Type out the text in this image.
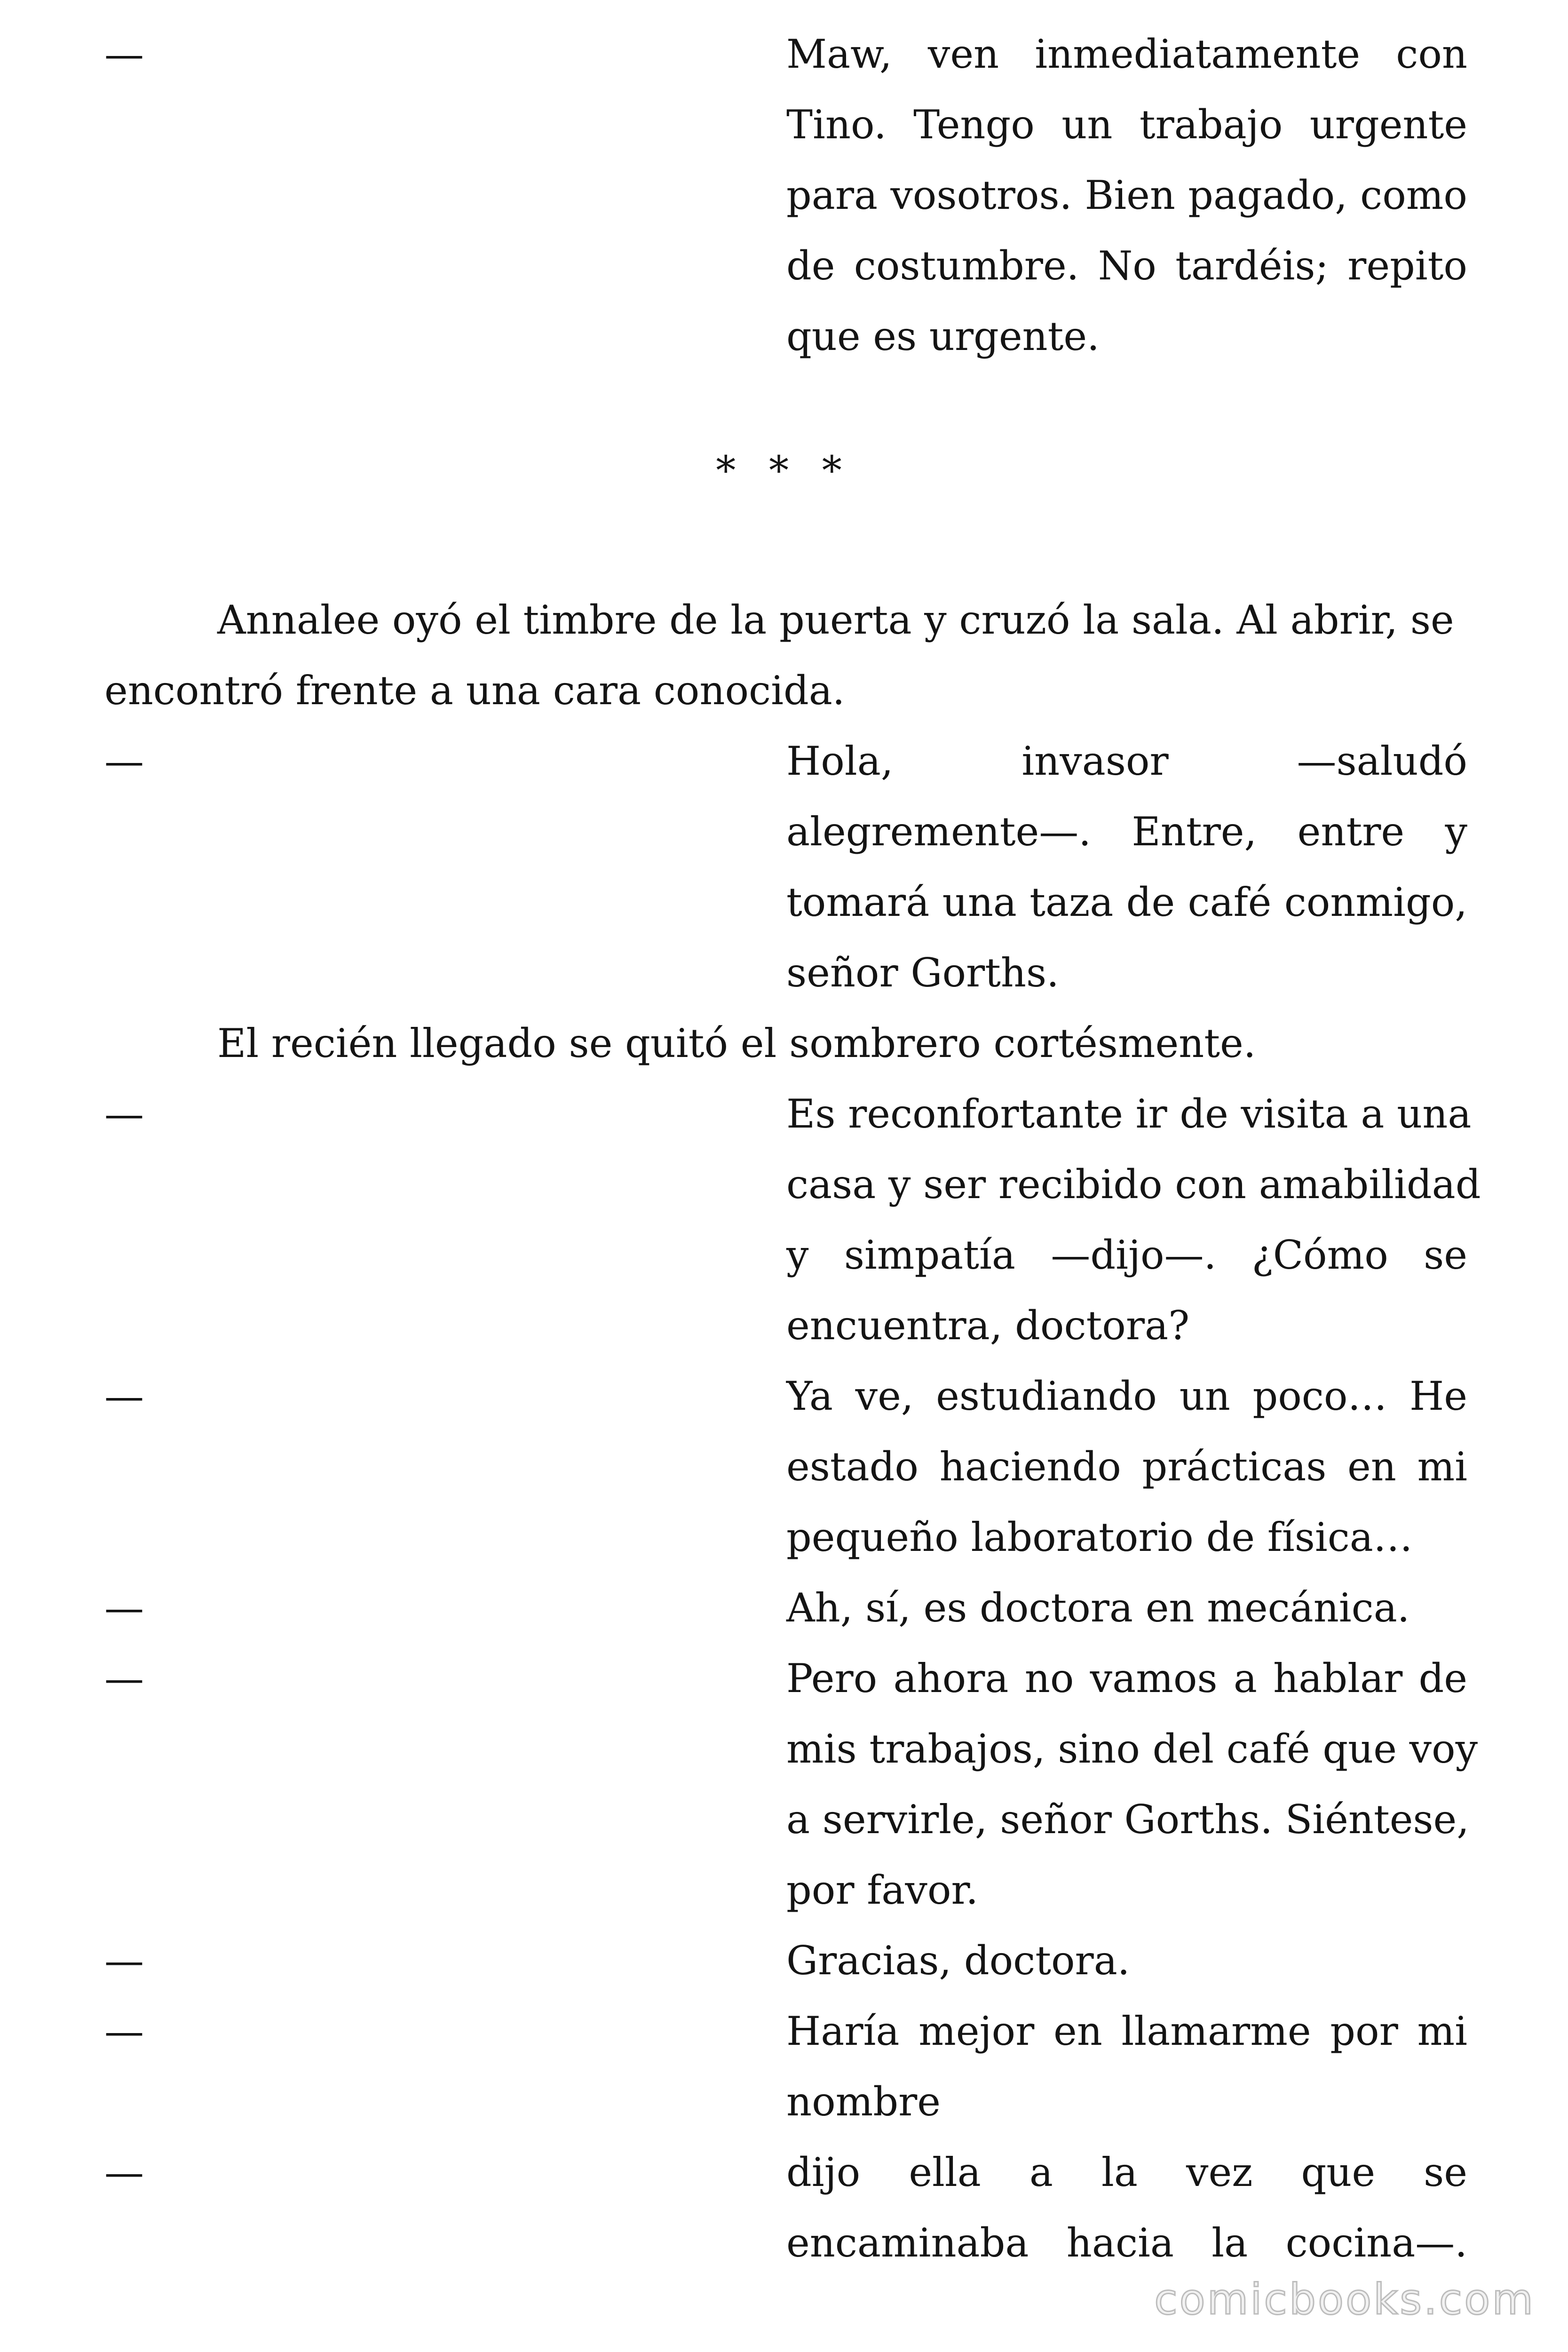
—	Maw, ven inmediatamente con
Tino. Tengo un trabajo urgente
para vosotros. Bien pagado, como
de costumbre. No tardéis; repito
que es urgente.
* * *
Annalee oyó el timbre de la puerta y cruzó la sala. Al abrir, se
encontró frente a una cara conocida.
—	Hola, invasor —saludó
alegremente—. Entre, entre y
tomará una taza de café conmigo,
señor Gorths.
El recién llegado se quitó el sombrero cortésmente.
—	Es reconfortante ir de visita a una
casa y ser recibido con amabilidad
y simpatía —dijo—. ¿Cómo se
encuentra, doctora?
—	Ya ve, estudiando un poco… He
estado haciendo prácticas en mi
pequeño laboratorio de física…
—	Ah, sí, es doctora en mecánica.
—	Pero ahora no vamos a hablar de
mis trabajos, sino del café que voy
a servirle, señor Gorths. Siéntese,
por favor.
—	Gracias, doctora.
—	Haría mejor en llamarme por mi
nombre
—	dijo ella a la vez que se
encaminaba hacia la cocina—.
comicbooks.com
